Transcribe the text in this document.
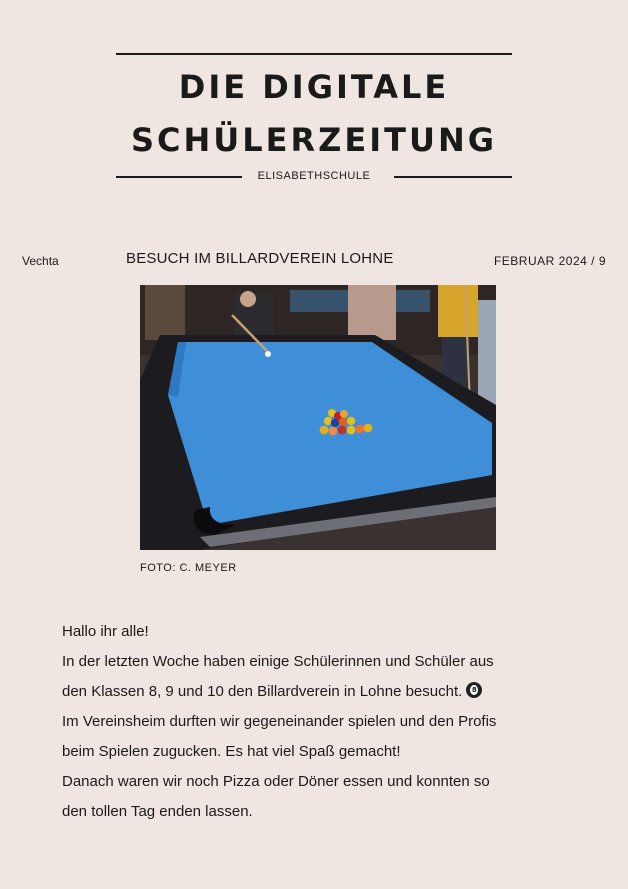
DIE DIGITALE
SCHÜLERZEITUNG
ELISABETHSCHULE
Vechta	BESUCH IM BILLARDVEREIN LOHNE	FEBRUAR 2024 / 9
FOTO: C. MEYER

Hallo ihr alle!

In der letzten Woche haben einige Schülerinnen und Schüler aus

den Klassen 8, 9 und 10 den Billardverein in Lohne besucht.8

Im Vereinsheim durften wir gegeneinander spielen und den Profis

beim Spielen zugucken. Es hat viel Spaß gemacht!

Danach waren wir noch Pizza oder Döner essen und konnten so

den tollen Tag enden lassen.
